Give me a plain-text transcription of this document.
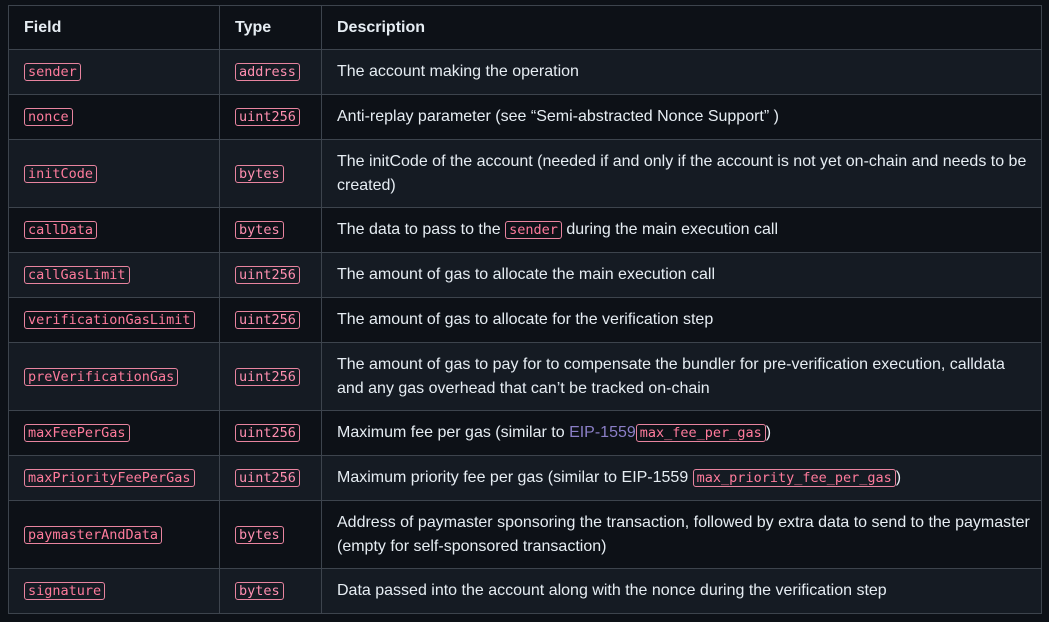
Field	Type	Description
sender	address	The account making the operation
nonce	uint256	Anti-replay parameter (see “Semi-abstracted Nonce Support” )
initCode	bytes	The initCode of the account (needed if and only if the account is not yet on-chain and needs to be created)
callData	bytes	The data to pass to the sender during the main execution call
callGasLimit	uint256	The amount of gas to allocate the main execution call
verificationGasLimit	uint256	The amount of gas to allocate for the verification step
preVerificationGas	uint256	The amount of gas to pay for to compensate the bundler for pre-verification execution, calldata and any gas overhead that can’t be tracked on-chain
maxFeePerGas	uint256	Maximum fee per gas (similar to EIP-1559 max_fee_per_gas )
maxPriorityFeePerGas	uint256	Maximum priority fee per gas (similar to EIP-1559 max_priority_fee_per_gas )
paymasterAndData	bytes	Address of paymaster sponsoring the transaction, followed by extra data to send to the paymaster (empty for self-sponsored transaction)
signature	bytes	Data passed into the account along with the nonce during the verification step
